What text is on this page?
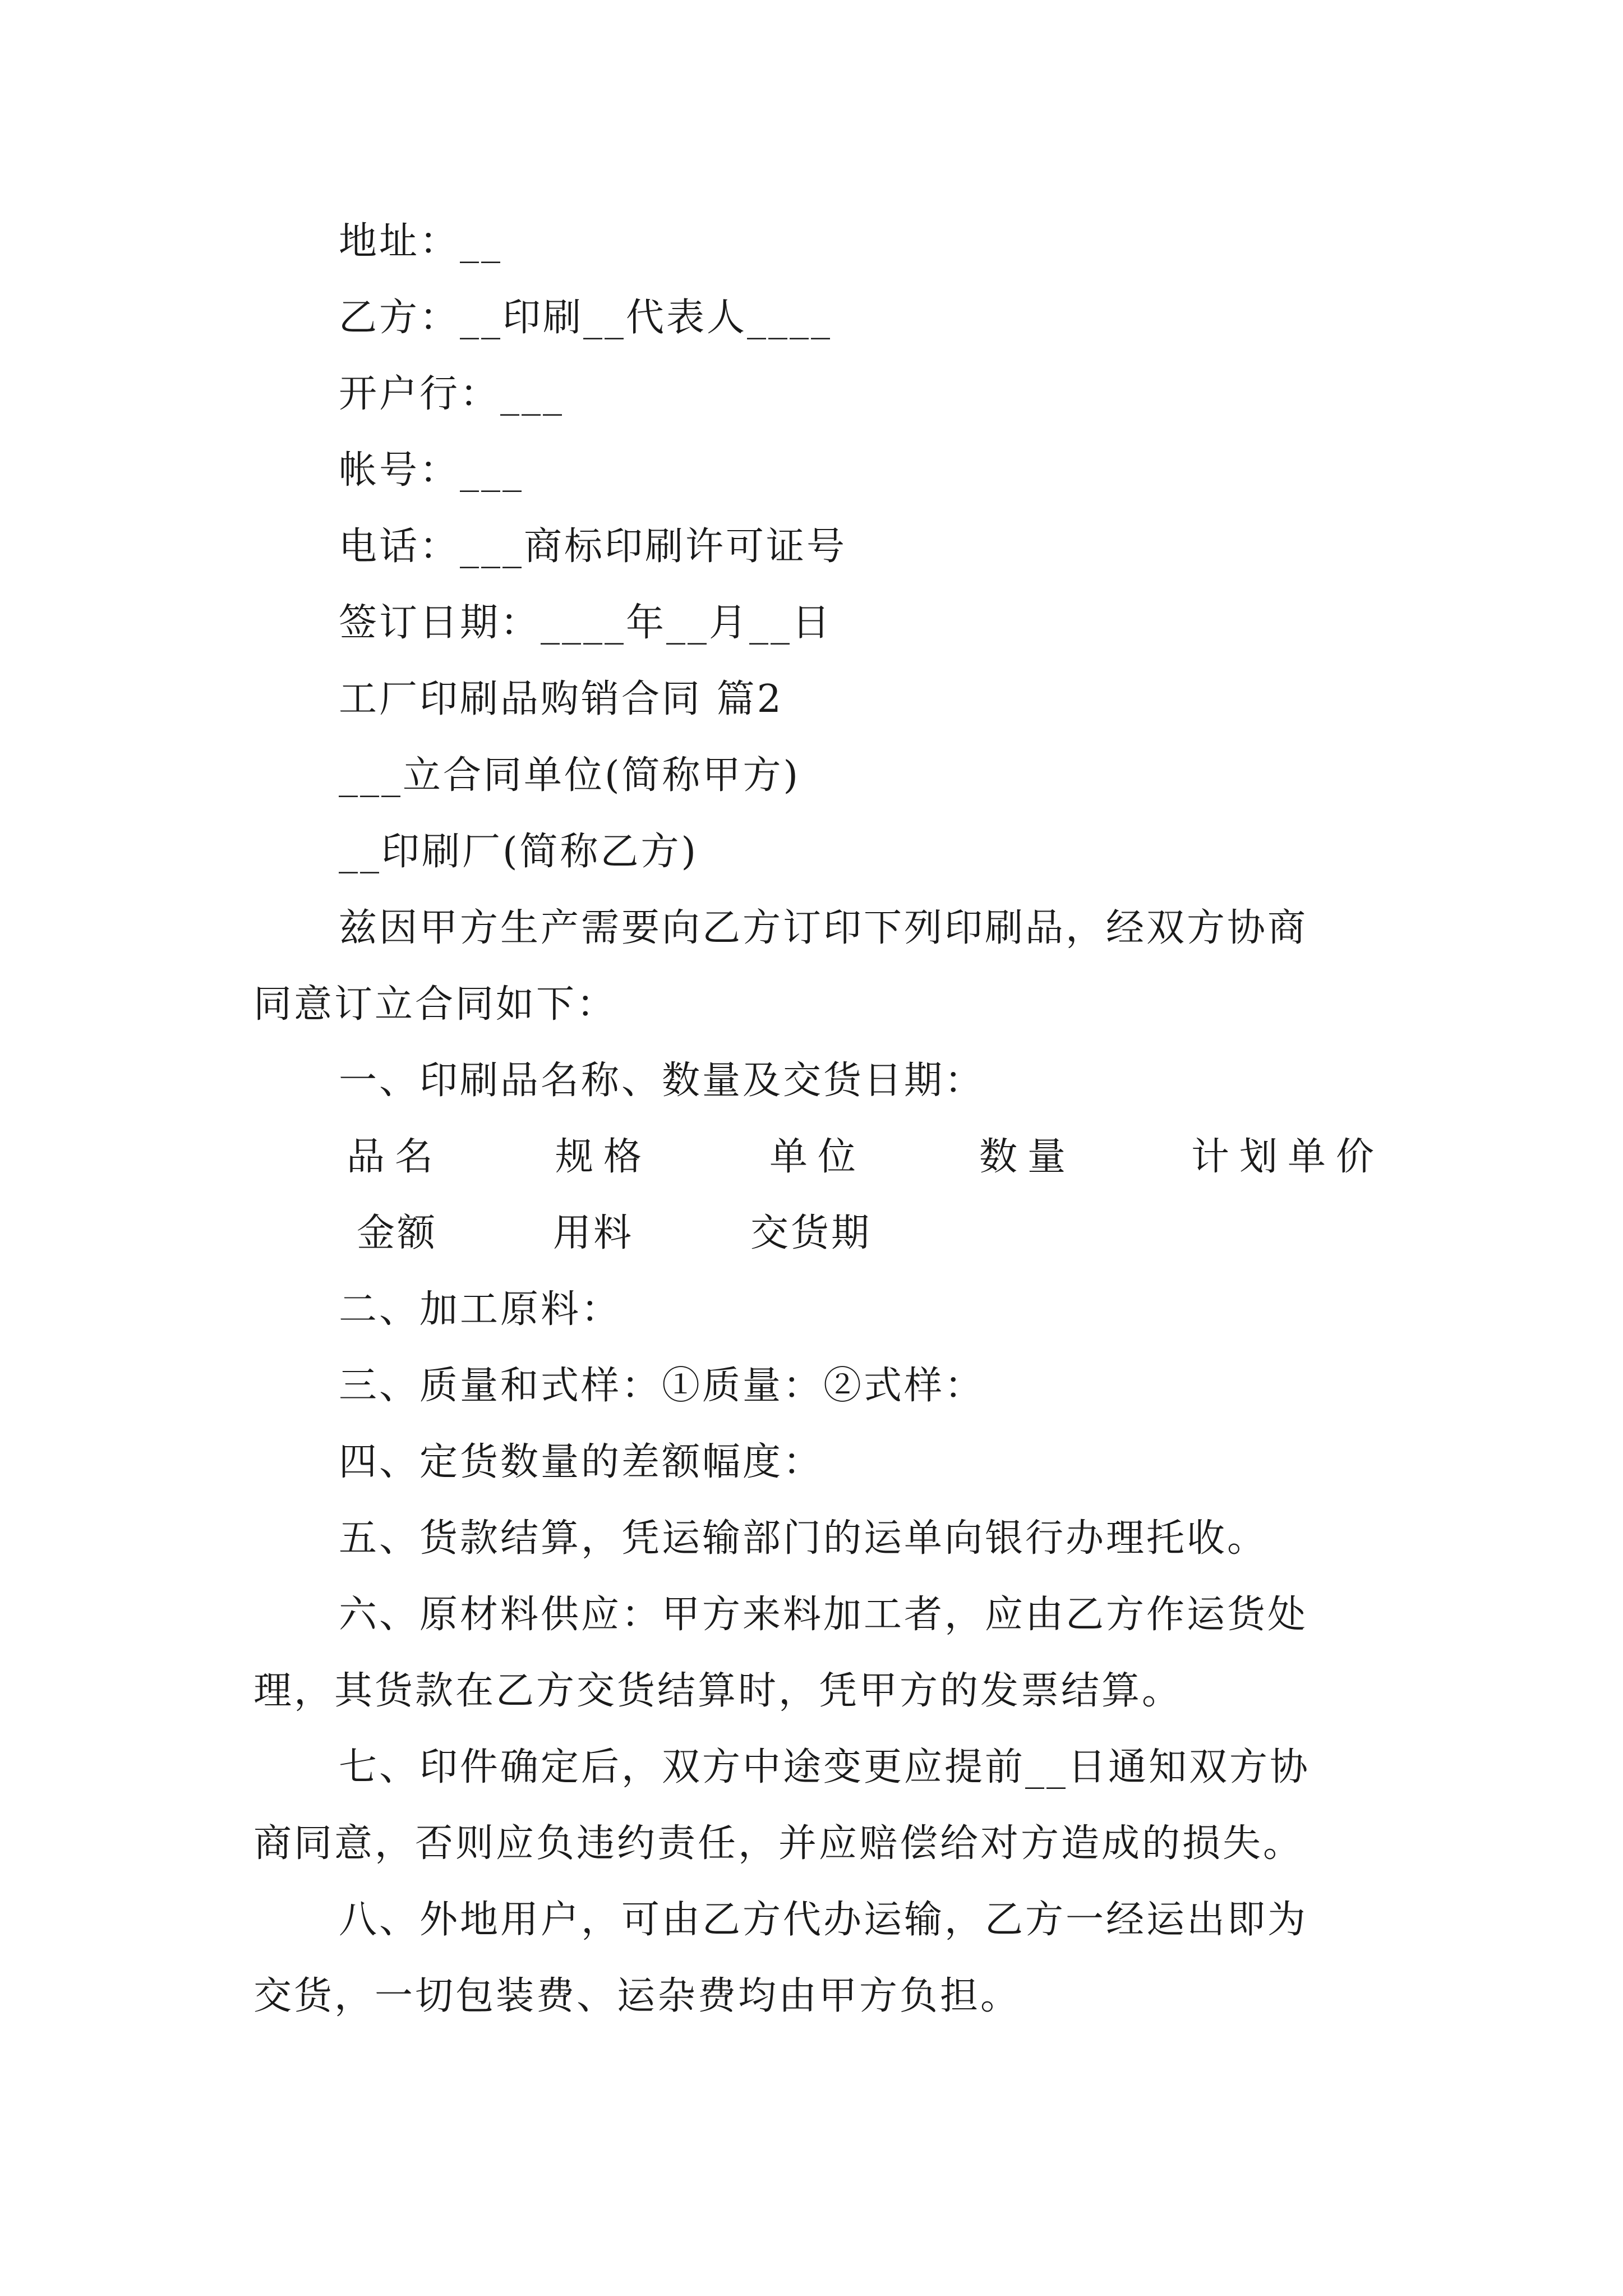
地址：__
乙方：__印刷__代表人____
开户行：___
帐号：___
电话：___商标印刷许可证号
签订日期：____年__月__日
工厂印刷品购销合同 篇2
___立合同单位(简称甲方)
__印刷厂(简称乙方)
兹因甲方生产需要向乙方订印下列印刷品，经双方协商
同意订立合同如下：
一、印刷品名称、数量及交货日期：
品名	规格	单位	数量	计划单价
金额	用料	交货期
二、加工原料：
三、质量和式样：①质量：②式样：
四、定货数量的差额幅度：
五、货款结算，凭运输部门的运单向银行办理托收。
六、原材料供应：甲方来料加工者，应由乙方作运货处
理，其货款在乙方交货结算时，凭甲方的发票结算。
七、印件确定后，双方中途变更应提前__日通知双方协
商同意，否则应负违约责任，并应赔偿给对方造成的损失。
八、外地用户，可由乙方代办运输，乙方一经运出即为
交货，一切包装费、运杂费均由甲方负担。
